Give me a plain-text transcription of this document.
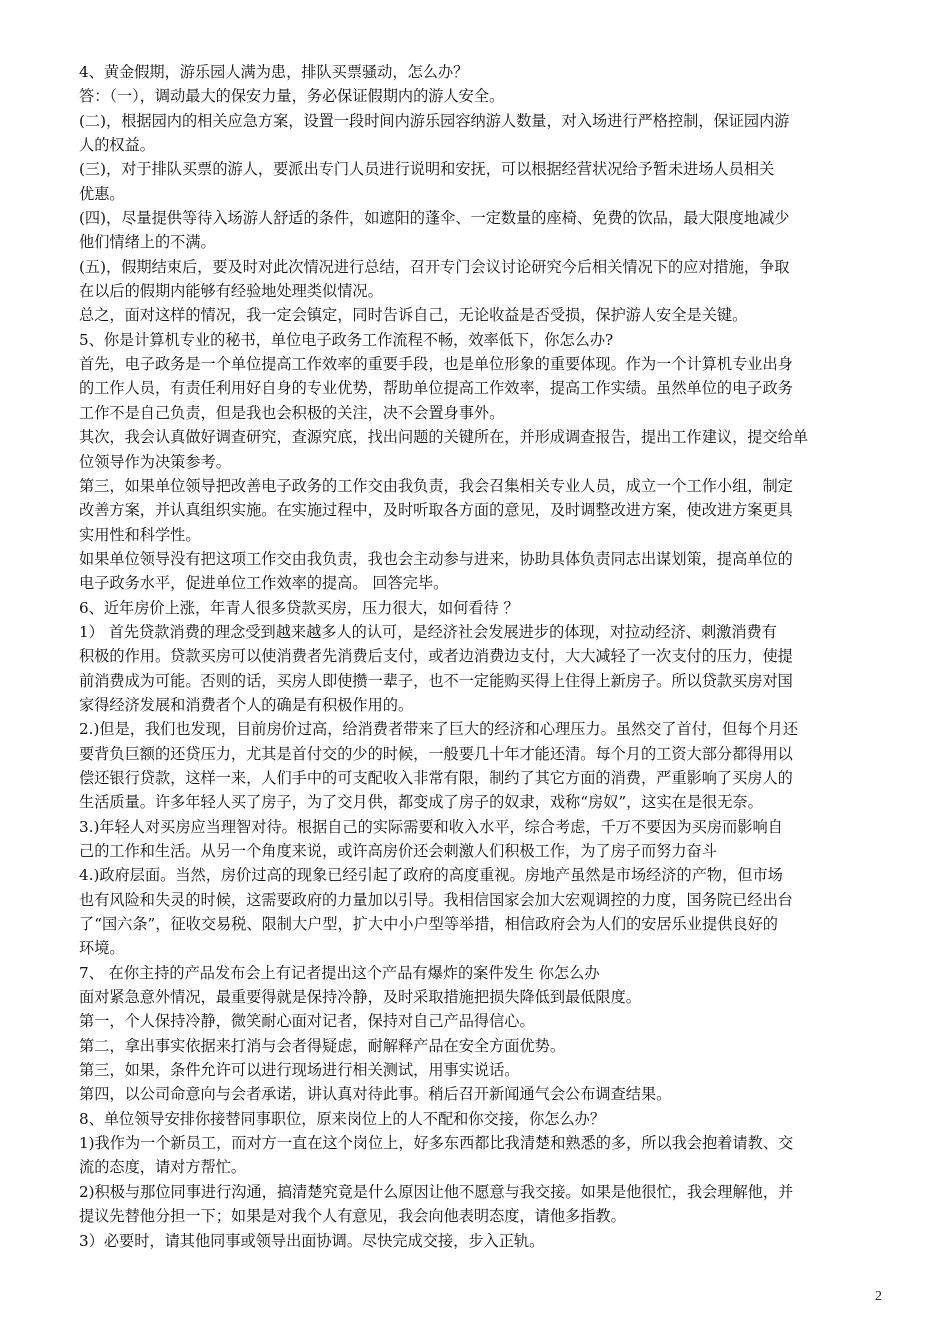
4、黄金假期，游乐园人满为患，排队买票骚动，怎么办？
答：（一），调动最大的保安力量，务必保证假期内的游人安全。
(二)，根据园内的相关应急方案，设置一段时间内游乐园容纳游人数量，对入场进行严格控制，保证园内游
人的权益。
(三)，对于排队买票的游人，要派出专门人员进行说明和安抚，可以根据经营状况给予暂未进场人员相关
优惠。
(四)，尽量提供等待入场游人舒适的条件，如遮阳的蓬伞、一定数量的座椅、免费的饮品，最大限度地减少
他们情绪上的不满。
(五)，假期结束后，要及时对此次情况进行总结，召开专门会议讨论研究今后相关情况下的应对措施，争取
在以后的假期内能够有经验地处理类似情况。
总之，面对这样的情况，我一定会镇定，同时告诉自己，无论收益是否受损，保护游人安全是关键。
5、你是计算机专业的秘书，单位电子政务工作流程不畅，效率低下，你怎么办?
首先，电子政务是一个单位提高工作效率的重要手段，也是单位形象的重要体现。作为一个计算机专业出身
的工作人员，有责任利用好自身的专业优势，帮助单位提高工作效率，提高工作实绩。虽然单位的电子政务
工作不是自己负责，但是我也会积极的关注，决不会置身事外。
其次，我会认真做好调查研究，查源究底，找出问题的关键所在，并形成调查报告，提出工作建议，提交给单
位领导作为决策参考。
第三，如果单位领导把改善电子政务的工作交由我负责，我会召集相关专业人员，成立一个工作小组，制定
改善方案，并认真组织实施。在实施过程中，及时听取各方面的意见，及时调整改进方案，使改进方案更具
实用性和科学性。
如果单位领导没有把这项工作交由我负责，我也会主动参与进来，协助具体负责同志出谋划策，提高单位的
电子政务水平，促进单位工作效率的提高。 回答完毕。
6、近年房价上涨，年青人很多贷款买房，压力很大，如何看待 ？
1） 首先贷款消费的理念受到越来越多人的认可，是经济社会发展进步的体现，对拉动经济、刺激消费有
积极的作用。贷款买房可以使消费者先消费后支付，或者边消费边支付，大大减轻了一次支付的压力，使提
前消费成为可能。否则的话，买房人即使攒一辈子，也不一定能购买得上住得上新房子。所以贷款买房对国
家得经济发展和消费者个人的确是有积极作用的。
2.)但是，我们也发现，目前房价过高，给消费者带来了巨大的经济和心理压力。虽然交了首付，但每个月还
要背负巨额的还贷压力，尤其是首付交的少的时候，一般要几十年才能还清。每个月的工资大部分都得用以
偿还银行贷款，这样一来，人们手中的可支配收入非常有限，制约了其它方面的消费，严重影响了买房人的
生活质量。许多年轻人买了房子，为了交月供，都变成了房子的奴隶，戏称“房奴”，这实在是很无奈。
3.)年轻人对买房应当理智对待。根据自己的实际需要和收入水平，综合考虑，千万不要因为买房而影响自
己的工作和生活。从另一个角度来说，或许高房价还会刺激人们积极工作，为了房子而努力奋斗
4.)政府层面。当然，房价过高的现象已经引起了政府的高度重视。房地产虽然是市场经济的产物，但市场
也有风险和失灵的时候，这需要政府的力量加以引导。我相信国家会加大宏观调控的力度，国务院已经出台
了“国六条”，征收交易税、限制大户型，扩大中小户型等举措，相信政府会为人们的安居乐业提供良好的
环境。
7、 在你主持的产品发布会上有记者提出这个产品有爆炸的案件发生 你怎么办
面对紧急意外情况，最重要得就是保持冷静，及时采取措施把损失降低到最低限度。
第一，个人保持冷静，微笑耐心面对记者，保持对自己产品得信心。
第二，拿出事实依据来打消与会者得疑虑，耐解释产品在安全方面优势。
第三，如果，条件允许可以进行现场进行相关测试，用事实说话。
第四，以公司命意向与会者承诺，讲认真对待此事。稍后召开新闻通气会公布调查结果。
8、单位领导安排你接替同事职位，原来岗位上的人不配和你交接，你怎么办？
1)我作为一个新员工，而对方一直在这个岗位上，好多东西都比我清楚和熟悉的多，所以我会抱着请教、交
流的态度，请对方帮忙。
2)积极与那位同事进行沟通，搞清楚究竟是什么原因让他不愿意与我交接。如果是他很忙，我会理解他，并
提议先替他分担一下；如果是对我个人有意见，我会向他表明态度，请他多指教。
3）必要时，请其他同事或领导出面协调。尽快完成交接，步入正轨。
2
